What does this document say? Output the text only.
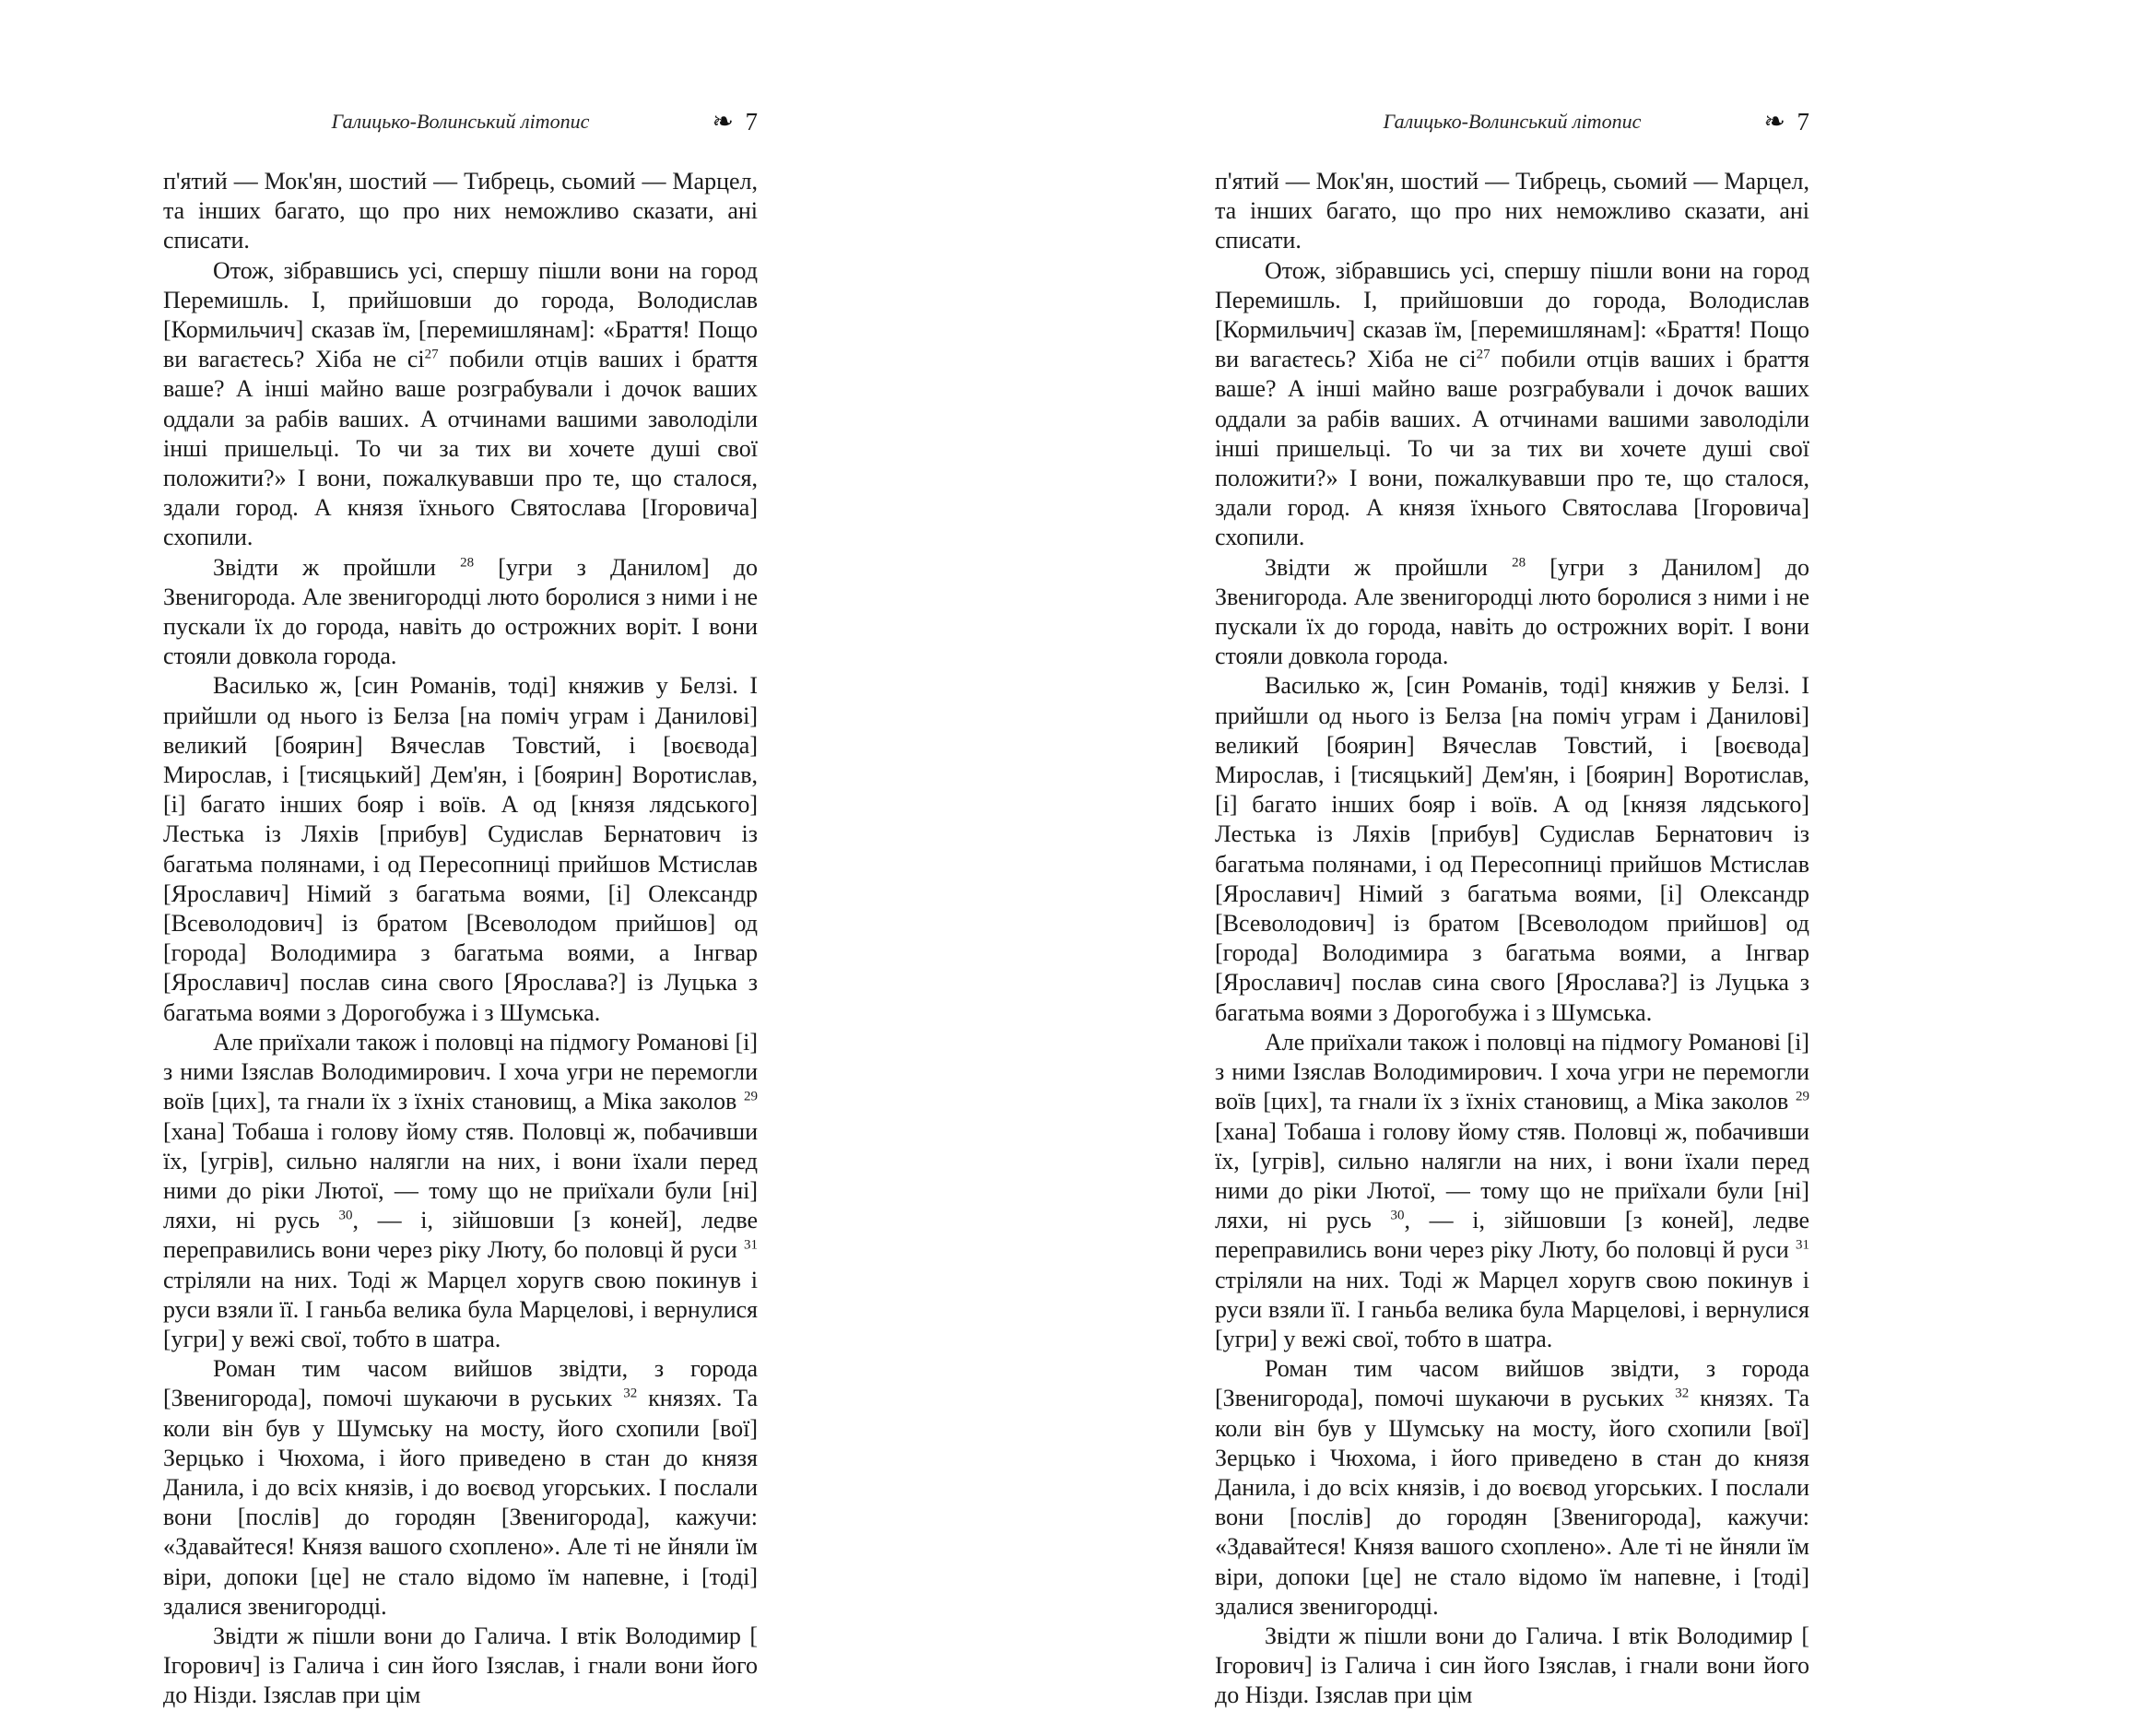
Галицько-Волинський літопис	❧ 7

п'ятий — Мок'ян, шостий — Тибрець, сьомий — Марцел, та інших багато, що про них неможливо сказати, ані списати.

Отож, зібравшись усі, спершу пішли вони на город Перемишль. І, прийшовши до города, Володислав [Кормильчич] сказав їм, [перемишлянам]: «Браття! Пощо ви вагаєтесь? Хіба не сі$^{27}$ побили отців ваших і браття ваше? А інші майно ваше розграбували і дочок ваших оддали за рабів ваших. А отчинами вашими заволоділи інші пришельці. То чи за тих ви хочете душі свої положити?» І вони, пожалкувавши про те, що сталося, здали город. А князя їхнього Святослава [Ігоровича] схопили.

Звідти ж пройшли $^{28}$ [угри з Данилом] до Звенигорода. Але звенигородці люто боролися з ними і не пускали їх до города, навіть до острожних воріт. І вони стояли довкола города.

Василько ж, [син Романів, тоді] княжив у Белзі. І прийшли од нього із Белза [на поміч уграм і Данилові] великий [боярин] Вячеслав Товстий, і [воєвода] Мирослав, і [тисяцький] Дем'ян, і [боярин] Воротислав, [і] багато інших бояр і воїв. А од [князя лядського] Лестька із Ляхів [прибув] Судислав Бернатович із багатьма полянами, і од Пересопниці прийшов Мстислав [Ярославич] Німий з багатьма воями, [і] Олександр [Всеволодович] із братом [Всеволодом прийшов] од [города] Володимира з багатьма воями, а Інгвар [Ярославич] послав сина свого [Ярослава?] із Луцька з багатьма воями з Дорогобужа і з Шумська.

Але приїхали також і половці на підмогу Романові [і] з ними Ізяслав Володимирович. І хоча угри не перемогли воїв [цих], та гнали їх з їхніх становищ, а Міка заколов $^{29}$ [хана] Тобаша і голову йому стяв. Половці ж, побачивши їх, [угрів], сильно налягли на них, і вони їхали перед ними до ріки Лютої, — тому що не приїхали були [ні] ляхи, ні русь $^{30}$, — і, зійшовши [з коней], ледве переправились вони через ріку Люту, бо половці й руси $^{31}$ стріляли на них. Тоді ж Марцел хоругв свою покинув і руси взяли її. І ганьба велика була Марцелові, і вернулися [угри] у вежі свої, тобто в шатра.

Роман тим часом вийшов звідти, з города [Звенигорода], помочі шукаючи в руських $^{32}$ князях. Та коли він був у Шумську на мосту, його схопили [вої] Зерцько і Чюхома, і його приведено в стан до князя Данила, і до всіх князів, і до воєвод угорських. І послали вони [послів] до городян [Звенигорода], кажучи: «Здавайтеся! Князя вашого схоплено». Але ті не йняли їм віри, допоки [це] не стало відомо їм напевне, і [тоді] здалися звенигородці.

Звідти ж пішли вони до Галича. І втік Володимир [ Ігорович] із Галича і син його Ізяслав, і гнали вони його до Нізди. Ізяслав при цім

Галицько-Волинський літопис	❧ 7

п'ятий — Мок'ян, шостий — Тибрець, сьомий — Марцел, та інших багато, що про них неможливо сказати, ані списати.

Отож, зібравшись усі, спершу пішли вони на город Перемишль. І, прийшовши до города, Володислав [Кормильчич] сказав їм, [перемишлянам]: «Браття! Пощо ви вагаєтесь? Хіба не сі$^{27}$ побили отців ваших і браття ваше? А інші майно ваше розграбували і дочок ваших оддали за рабів ваших. А отчинами вашими заволоділи інші пришельці. То чи за тих ви хочете душі свої положити?» І вони, пожалкувавши про те, що сталося, здали город. А князя їхнього Святослава [Ігоровича] схопили.

Звідти ж пройшли $^{28}$ [угри з Данилом] до Звенигорода. Але звенигородці люто боролися з ними і не пускали їх до города, навіть до острожних воріт. І вони стояли довкола города.

Василько ж, [син Романів, тоді] княжив у Белзі. І прийшли од нього із Белза [на поміч уграм і Данилові] великий [боярин] Вячеслав Товстий, і [воєвода] Мирослав, і [тисяцький] Дем'ян, і [боярин] Воротислав, [і] багато інших бояр і воїв. А од [князя лядського] Лестька із Ляхів [прибув] Судислав Бернатович із багатьма полянами, і од Пересопниці прийшов Мстислав [Ярославич] Німий з багатьма воями, [і] Олександр [Всеволодович] із братом [Всеволодом прийшов] од [города] Володимира з багатьма воями, а Інгвар [Ярославич] послав сина свого [Ярослава?] із Луцька з багатьма воями з Дорогобужа і з Шумська.

Але приїхали також і половці на підмогу Романові [і] з ними Ізяслав Володимирович. І хоча угри не перемогли воїв [цих], та гнали їх з їхніх становищ, а Міка заколов $^{29}$ [хана] Тобаша і голову йому стяв. Половці ж, побачивши їх, [угрів], сильно налягли на них, і вони їхали перед ними до ріки Лютої, — тому що не приїхали були [ні] ляхи, ні русь $^{30}$, — і, зійшовши [з коней], ледве переправились вони через ріку Люту, бо половці й руси $^{31}$ стріляли на них. Тоді ж Марцел хоругв свою покинув і руси взяли її. І ганьба велика була Марцелові, і вернулися [угри] у вежі свої, тобто в шатра.

Роман тим часом вийшов звідти, з города [Звенигорода], помочі шукаючи в руських $^{32}$ князях. Та коли він був у Шумську на мосту, його схопили [вої] Зерцько і Чюхома, і його приведено в стан до князя Данила, і до всіх князів, і до воєвод угорських. І послали вони [послів] до городян [Звенигорода], кажучи: «Здавайтеся! Князя вашого схоплено». Але ті не йняли їм віри, допоки [це] не стало відомо їм напевне, і [тоді] здалися звенигородці.

Звідти ж пішли вони до Галича. І втік Володимир [ Ігорович] із Галича і син його Ізяслав, і гнали вони його до Нізди. Ізяслав при цім
